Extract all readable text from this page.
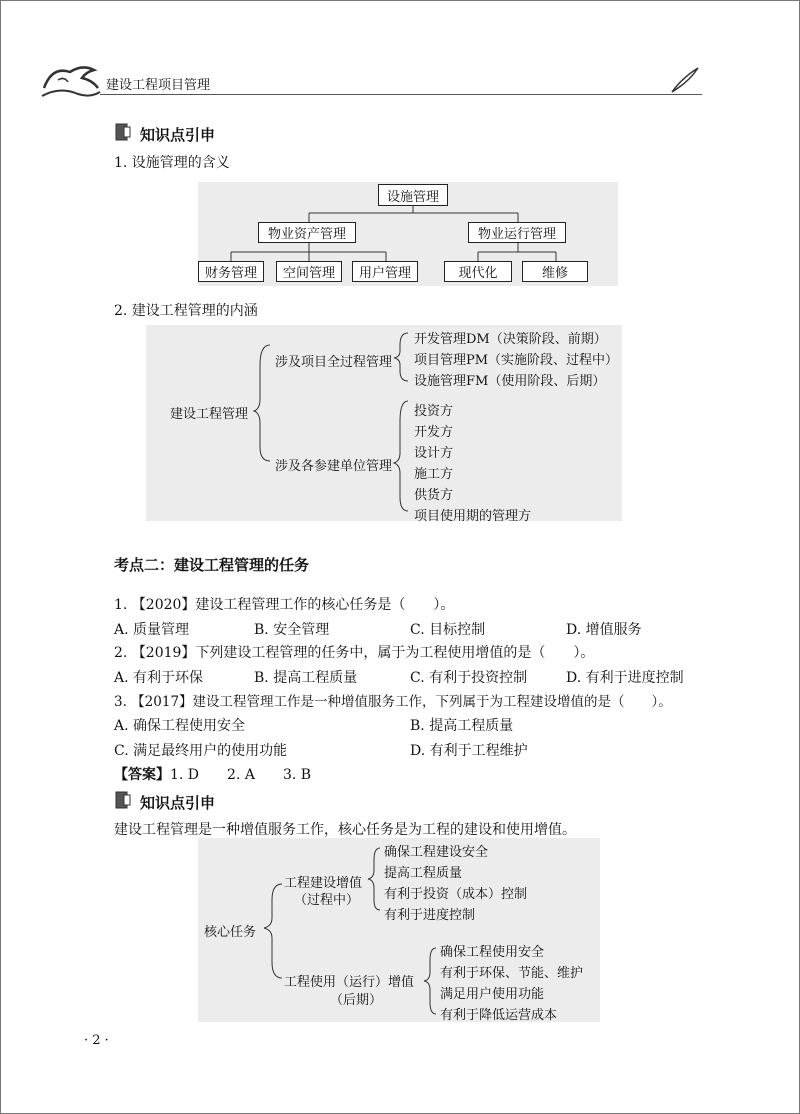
建设工程项目管理
知识点引申
1. 设施管理的含义
设施管理
物业资产管理	物业运行管理
财务管理	空间管理	用户管理	现代化	维修
2. 建设工程管理的内涵
建设工程管理
涉及项目全过程管理
涉及各参建单位管理
开发管理DM（决策阶段、前期）
项目管理PM（实施阶段、过程中）
设施管理FM（使用阶段、后期）
投资方
开发方
设计方
施工方
供货方
项目使用期的管理方
考点二：建设工程管理的任务
1. 【2020】建设工程管理工作的核心任务是（　　）。
A. 质量管理	B. 安全管理	C. 目标控制	D. 增值服务
2. 【2019】下列建设工程管理的任务中，属于为工程使用增值的是（　　）。
A. 有利于环保	B. 提高工程质量	C. 有利于投资控制	D. 有利于进度控制
3. 【2017】建设工程管理工作是一种增值服务工作，下列属于为工程建设增值的是（　　）。
A. 确保工程使用安全	B. 提高工程质量
C. 满足最终用户的使用功能	D. 有利于工程维护
【答案】1. D　　2. A　　3. B
知识点引申
建设工程管理是一种增值服务工作，核心任务是为工程的建设和使用增值。
核心任务
工程建设增值
（过程中）
工程使用（运行）增值
（后期）
确保工程建设安全
提高工程质量
有利于投资（成本）控制
有利于进度控制
确保工程使用安全
有利于环保、节能、维护
满足用户使用功能
有利于降低运营成本
· 2 ·
